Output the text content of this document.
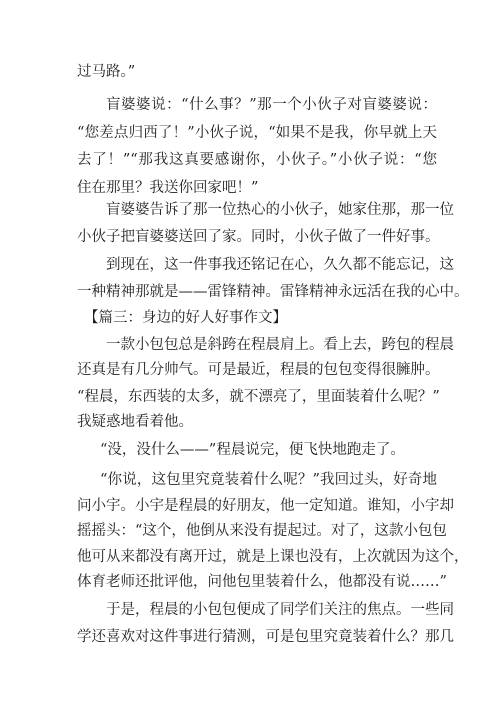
过马路。”

盲婆婆说：“什么事？”那一个小伙子对盲婆婆说：

“您差点归西了！”小伙子说，“如果不是我，你早就上天

去了！”“那我这真要感谢你，小伙子。”小伙子说：“您

住在那里？我送你回家吧！”

盲婆婆告诉了那一位热心的小伙子，她家住那，那一位

小伙子把盲婆婆送回了家。同时，小伙子做了一件好事。

到现在，这一件事我还铭记在心，久久都不能忘记，这

一种精神那就是——雷锋精神。雷锋精神永远活在我的心中。

【篇三：身边的好人好事作文】

一款小包包总是斜跨在程晨肩上。看上去，跨包的程晨

还真是有几分帅气。可是最近，程晨的包包变得很臃肿。

“程晨，东西装的太多，就不漂亮了，里面装着什么呢？”

我疑惑地看着他。

“没，没什么——”程晨说完，便飞快地跑走了。

“你说，这包里究竟装着什么呢？”我回过头，好奇地

问小宇。小宇是程晨的好朋友，他一定知道。谁知，小宇却

摇摇头：“这个，他倒从来没有提起过。对了，这款小包包

他可从来都没有离开过，就是上课也没有，上次就因为这个，

体育老师还批评他，问他包里装着什么，他都没有说……”

于是，程晨的小包包便成了同学们关注的焦点。一些同

学还喜欢对这件事进行猜测，可是包里究竟装着什么？那几
